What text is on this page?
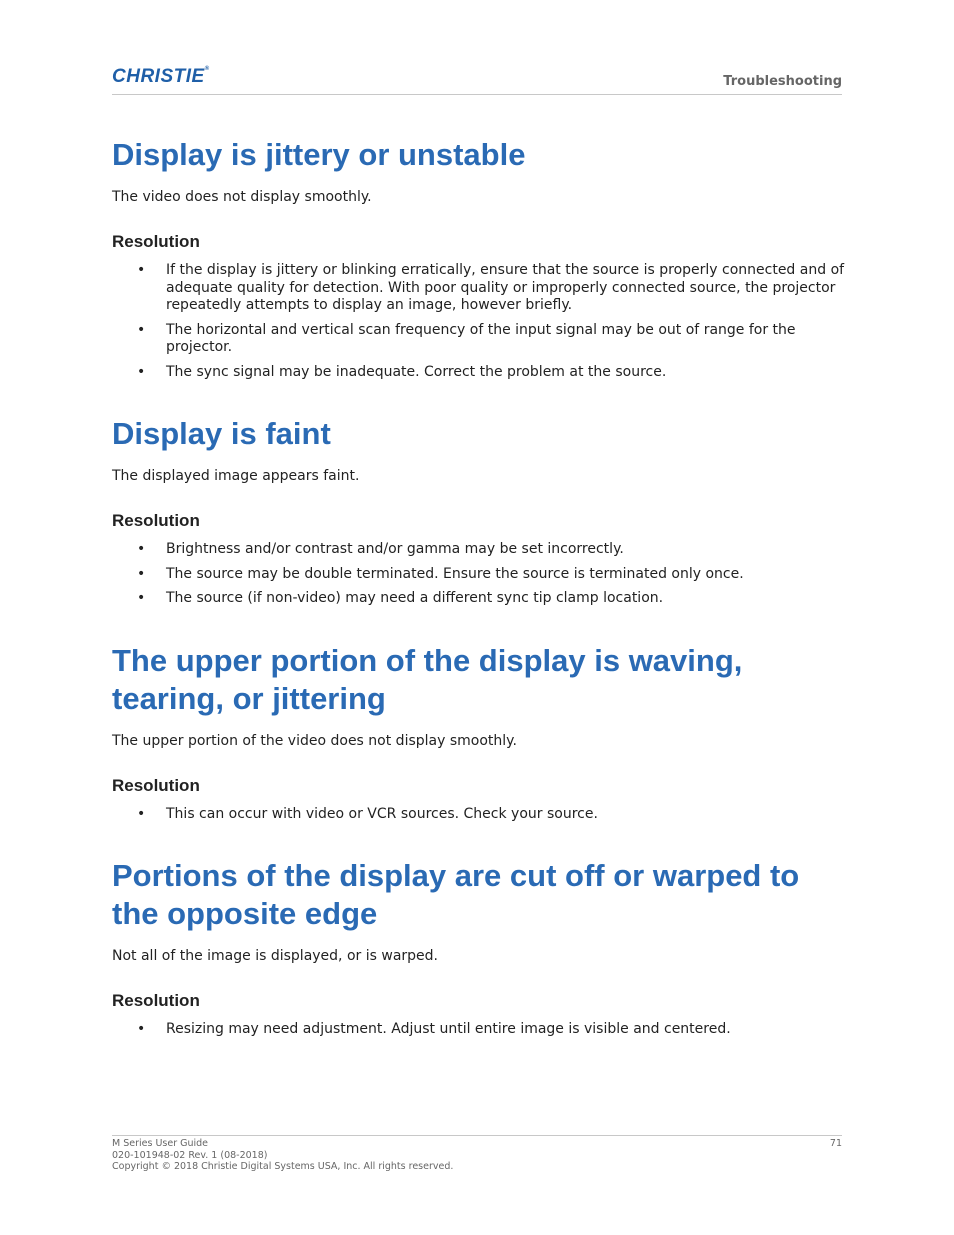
CHRISTIE®
Troubleshooting
Display is jittery or unstable

The video does not display smoothly.

Resolution
• If the display is jittery or blinking erratically, ensure that the source is properly connected and of adequate quality for detection. With poor quality or improperly connected source, the projector repeatedly attempts to display an image, however briefly.
• The horizontal and vertical scan frequency of the input signal may be out of range for the projector.
• The sync signal may be inadequate. Correct the problem at the source.
Display is faint

The displayed image appears faint.

Resolution
• Brightness and/or contrast and/or gamma may be set incorrectly.
• The source may be double terminated. Ensure the source is terminated only once.
• The source (if non-video) may need a different sync tip clamp location.
The upper portion of the display is waving, tearing, or jittering

The upper portion of the video does not display smoothly.

Resolution
• This can occur with video or VCR sources. Check your source.
Portions of the display are cut off or warped to the opposite edge

Not all of the image is displayed, or is warped.

Resolution
• Resizing may need adjustment. Adjust until entire image is visible and centered.
M Series User Guide
020-101948-02 Rev. 1 (08-2018)
Copyright © 2018 Christie Digital Systems USA, Inc. All rights reserved.
71
